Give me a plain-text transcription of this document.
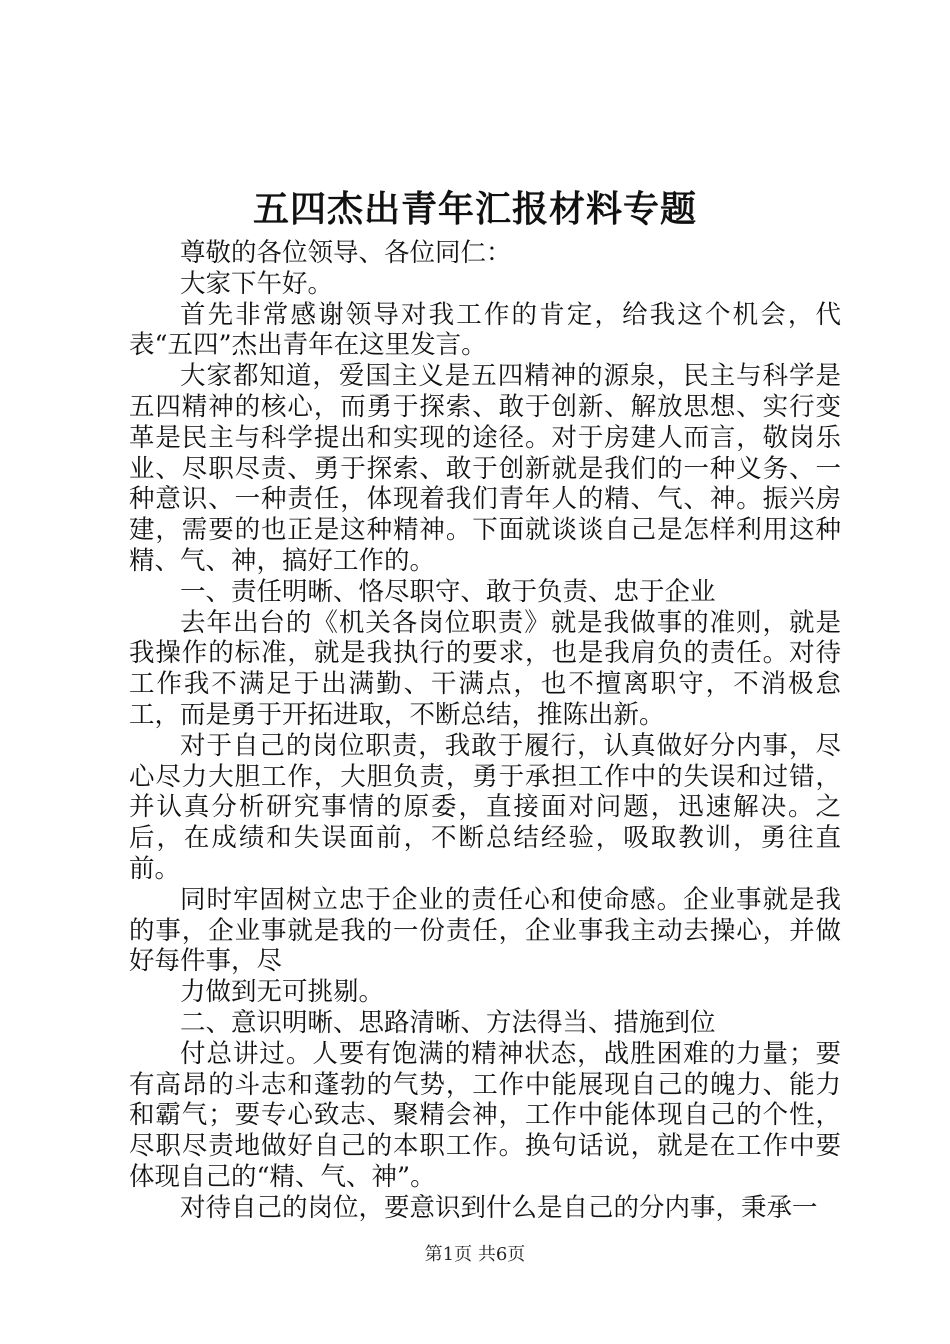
五四杰出青年汇报材料专题

尊敬的各位领导、各位同仁：

大家下午好。

首先非常感谢领导对我工作的肯定，给我这个机会，代表“五四”杰出青年在这里发言。

大家都知道，爱国主义是五四精神的源泉，民主与科学是五四精神的核心，而勇于探索、敢于创新、解放思想、实行变革是民主与科学提出和实现的途径。对于房建人而言，敬岗乐业、尽职尽责、勇于探索、敢于创新就是我们的一种义务、一种意识、一种责任，体现着我们青年人的精、气、神。振兴房建，需要的也正是这种精神。下面就谈谈自己是怎样利用这种精、气、神，搞好工作的。

一、责任明晰、恪尽职守、敢于负责、忠于企业

去年出台的《机关各岗位职责》就是我做事的准则，就是我操作的标准，就是我执行的要求，也是我肩负的责任。对待工作我不满足于出满勤、干满点，也不擅离职守，不消极怠工，而是勇于开拓进取，不断总结，推陈出新。

对于自己的岗位职责，我敢于履行，认真做好分内事，尽心尽力大胆工作，大胆负责，勇于承担工作中的失误和过错，并认真分析研究事情的原委，直接面对问题，迅速解决。之后，在成绩和失误面前，不断总结经验，吸取教训，勇往直前。

同时牢固树立忠于企业的责任心和使命感。企业事就是我的事，企业事就是我的一份责任，企业事我主动去操心，并做好每件事，尽

力做到无可挑剔。

二、意识明晰、思路清晰、方法得当、措施到位

付总讲过。人要有饱满的精神状态，战胜困难的力量；要有高昂的斗志和蓬勃的气势，工作中能展现自己的魄力、能力和霸气；要专心致志、聚精会神，工作中能体现自己的个性，尽职尽责地做好自己的本职工作。换句话说，就是在工作中要体现自己的“精、气、神”。

对待自己的岗位，要意识到什么是自己的分内事，秉承一

第1页 共6页
